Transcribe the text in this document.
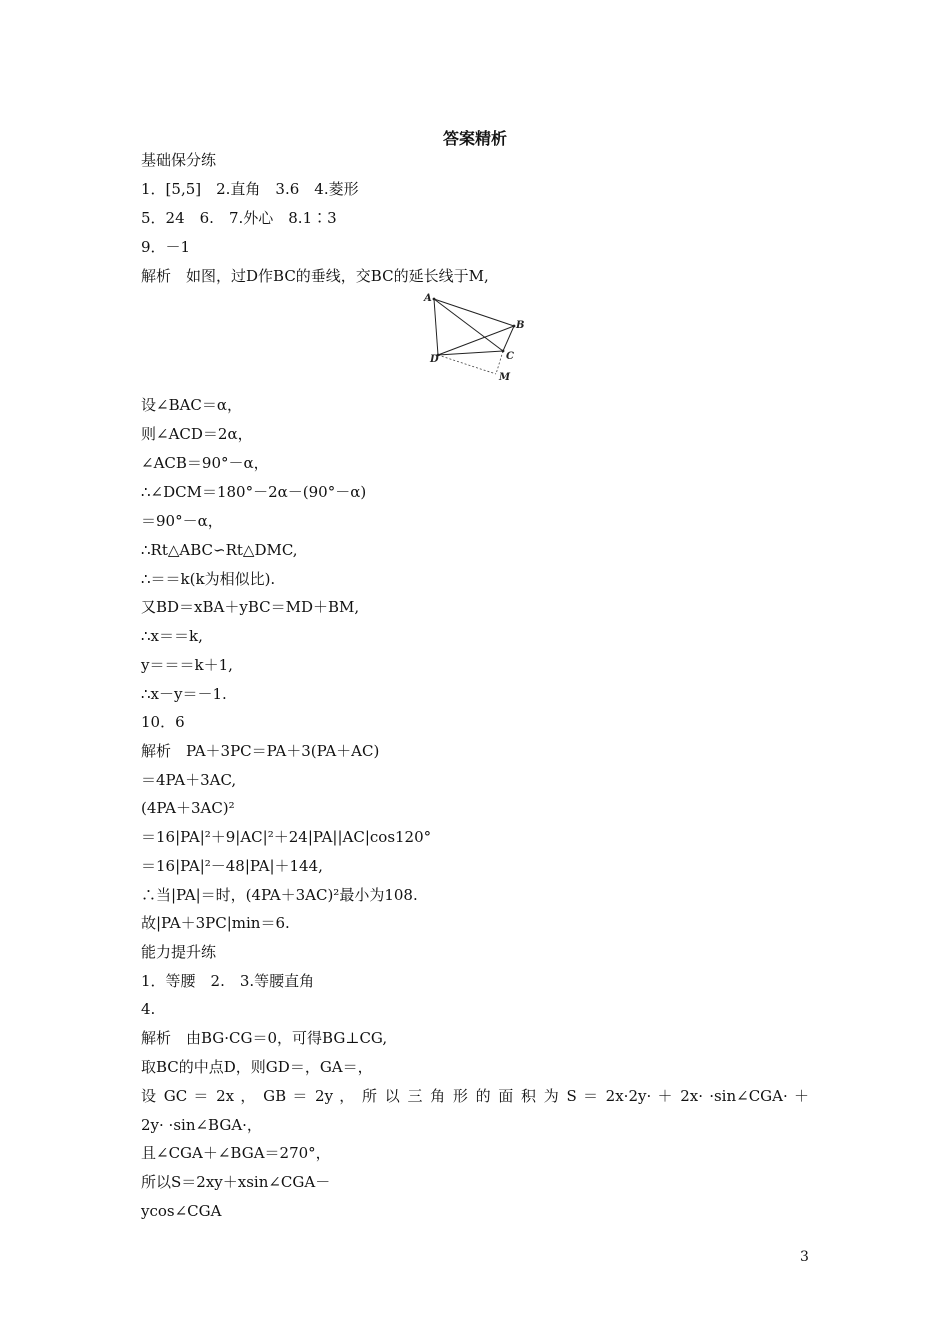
答案精析
基础保分练
1．[5,5]　2.直角　3.6　4.菱形
5．24　6.　7.外心　8.1∶3
9．－1
解析　如图，过D作BC的垂线，交BC的延长线于M,
A
B
C
D
M
设∠BAC＝α，
则∠ACD＝2α，
∠ACB＝90°－α，
∴∠DCM＝180°－2α－(90°－α)
＝90°－α，
∴Rt△ABC∽Rt△DMC,
∴＝＝k(k为相似比).
又BD＝xBA＋yBC＝MD＋BM,
∴x＝＝k,
y＝＝＝k＋1,
∴x－y＝－1.
10．6
解析　PA＋3PC＝PA＋3(PA＋AC)
＝4PA＋3AC,
(4PA＋3AC)²
＝16|PA|²＋9|AC|²＋24|PA||AC|cos120°
＝16|PA|²－48|PA|＋144,
∴当|PA|＝时，(4PA＋3AC)²最小为108.
故|PA＋3PC|min＝6.
能力提升练
1．等腰　2.　3.等腰直角
4.
解析　由BG·CG＝0，可得BG⊥CG,
取BC的中点D，则GD＝，GA＝，
设 GC ＝ 2x ， GB ＝ 2y ， 所 以 三 角 形 的 面 积 为 S ＝ 2x·2y· ＋ 2x· ·sin∠CGA· ＋
2y· ·sin∠BGA·，
且∠CGA＋∠BGA＝270°，
所以S＝2xy＋xsin∠CGA－
ycos∠CGA
3
